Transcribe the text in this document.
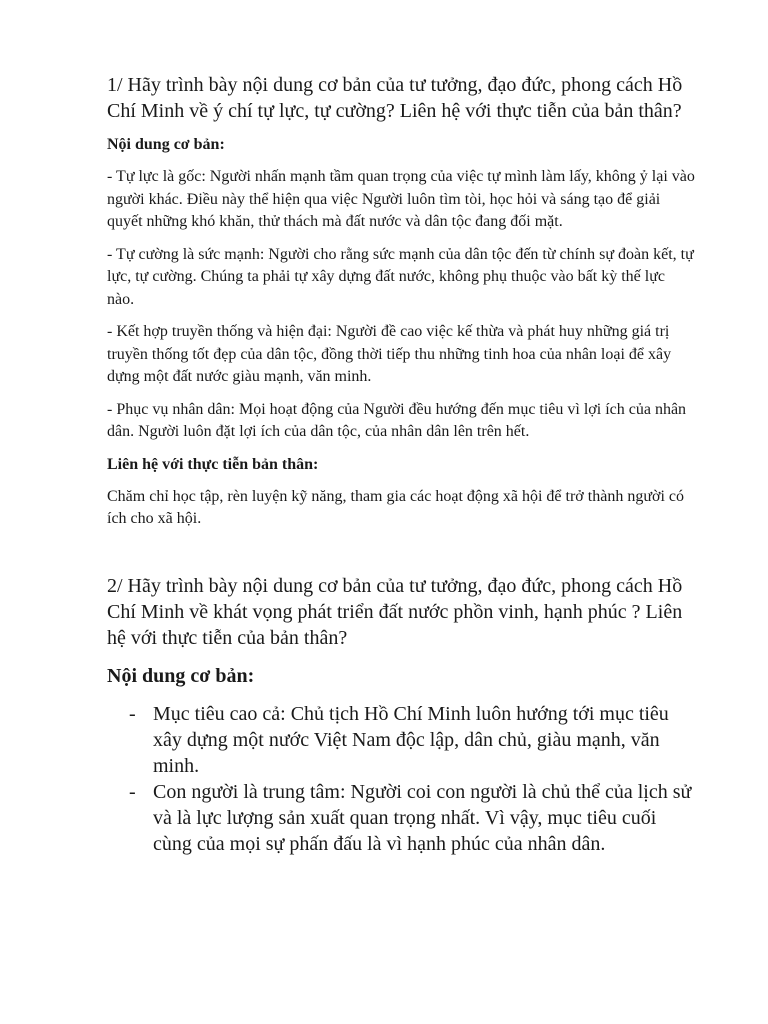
1/ Hãy trình bày nội dung cơ bản của tư tưởng, đạo đức, phong cách Hồ Chí Minh về ý chí tự lực, tự cường? Liên hệ với thực tiễn của bản thân?

Nội dung cơ bản:

- Tự lực là gốc: Người nhấn mạnh tầm quan trọng của việc tự mình làm lấy, không ỷ lại vào người khác. Điều này thể hiện qua việc Người luôn tìm tòi, học hỏi và sáng tạo để giải quyết những khó khăn, thử thách mà đất nước và dân tộc đang đối mặt.

- Tự cường là sức mạnh: Người cho rằng sức mạnh của dân tộc đến từ chính sự đoàn kết, tự lực, tự cường. Chúng ta phải tự xây dựng đất nước, không phụ thuộc vào bất kỳ thế lực nào.

- Kết hợp truyền thống và hiện đại: Người đề cao việc kế thừa và phát huy những giá trị truyền thống tốt đẹp của dân tộc, đồng thời tiếp thu những tinh hoa của nhân loại để xây dựng một đất nước giàu mạnh, văn minh.

- Phục vụ nhân dân: Mọi hoạt động của Người đều hướng đến mục tiêu vì lợi ích của nhân dân. Người luôn đặt lợi ích của dân tộc, của nhân dân lên trên hết.

Liên hệ với thực tiễn bản thân:

Chăm chỉ học tập, rèn luyện kỹ năng, tham gia các hoạt động xã hội để trở thành người có ích cho xã hội.

2/ Hãy trình bày nội dung cơ bản của tư tưởng, đạo đức, phong cách Hồ Chí Minh về khát vọng phát triển đất nước phồn vinh, hạnh phúc ? Liên hệ với thực tiễn của bản thân?

Nội dung cơ bản:

- Mục tiêu cao cả: Chủ tịch Hồ Chí Minh luôn hướng tới mục tiêu xây dựng một nước Việt Nam độc lập, dân chủ, giàu mạnh, văn minh.
- Con người là trung tâm: Người coi con người là chủ thể của lịch sử và là lực lượng sản xuất quan trọng nhất. Vì vậy, mục tiêu cuối cùng của mọi sự phấn đấu là vì hạnh phúc của nhân dân.
